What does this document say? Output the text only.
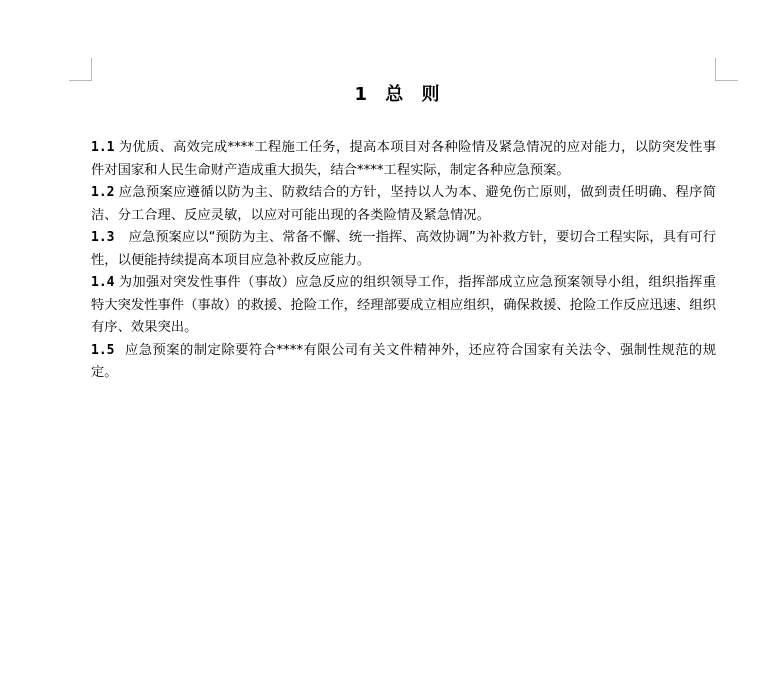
1 总 则

1.1 为优质、高效完成****工程施工任务，提高本项目对各种险情及紧急情况的应对能力，以防突发性事件对国家和人民生命财产造成重大损失，结合****工程实际，制定各种应急预案。

1.2 应急预案应遵循以防为主、防救结合的方针，坚持以人为本、避免伤亡原则，做到责任明确、程序简洁、分工合理、反应灵敏，以应对可能出现的各类险情及紧急情况。

1.3 应急预案应以“预防为主、常备不懈、统一指挥、高效协调”为补救方针，要切合工程实际，具有可行性，以便能持续提高本项目应急补救反应能力。

1.4 为加强对突发性事件（事故）应急反应的组织领导工作，指挥部成立应急预案领导小组，组织指挥重特大突发性事件（事故）的救援、抢险工作，经理部要成立相应组织，确保救援、抢险工作反应迅速、组织有序、效果突出。

1.5 应急预案的制定除要符合****有限公司有关文件精神外，还应符合国家有关法令、强制性规范的规定。
